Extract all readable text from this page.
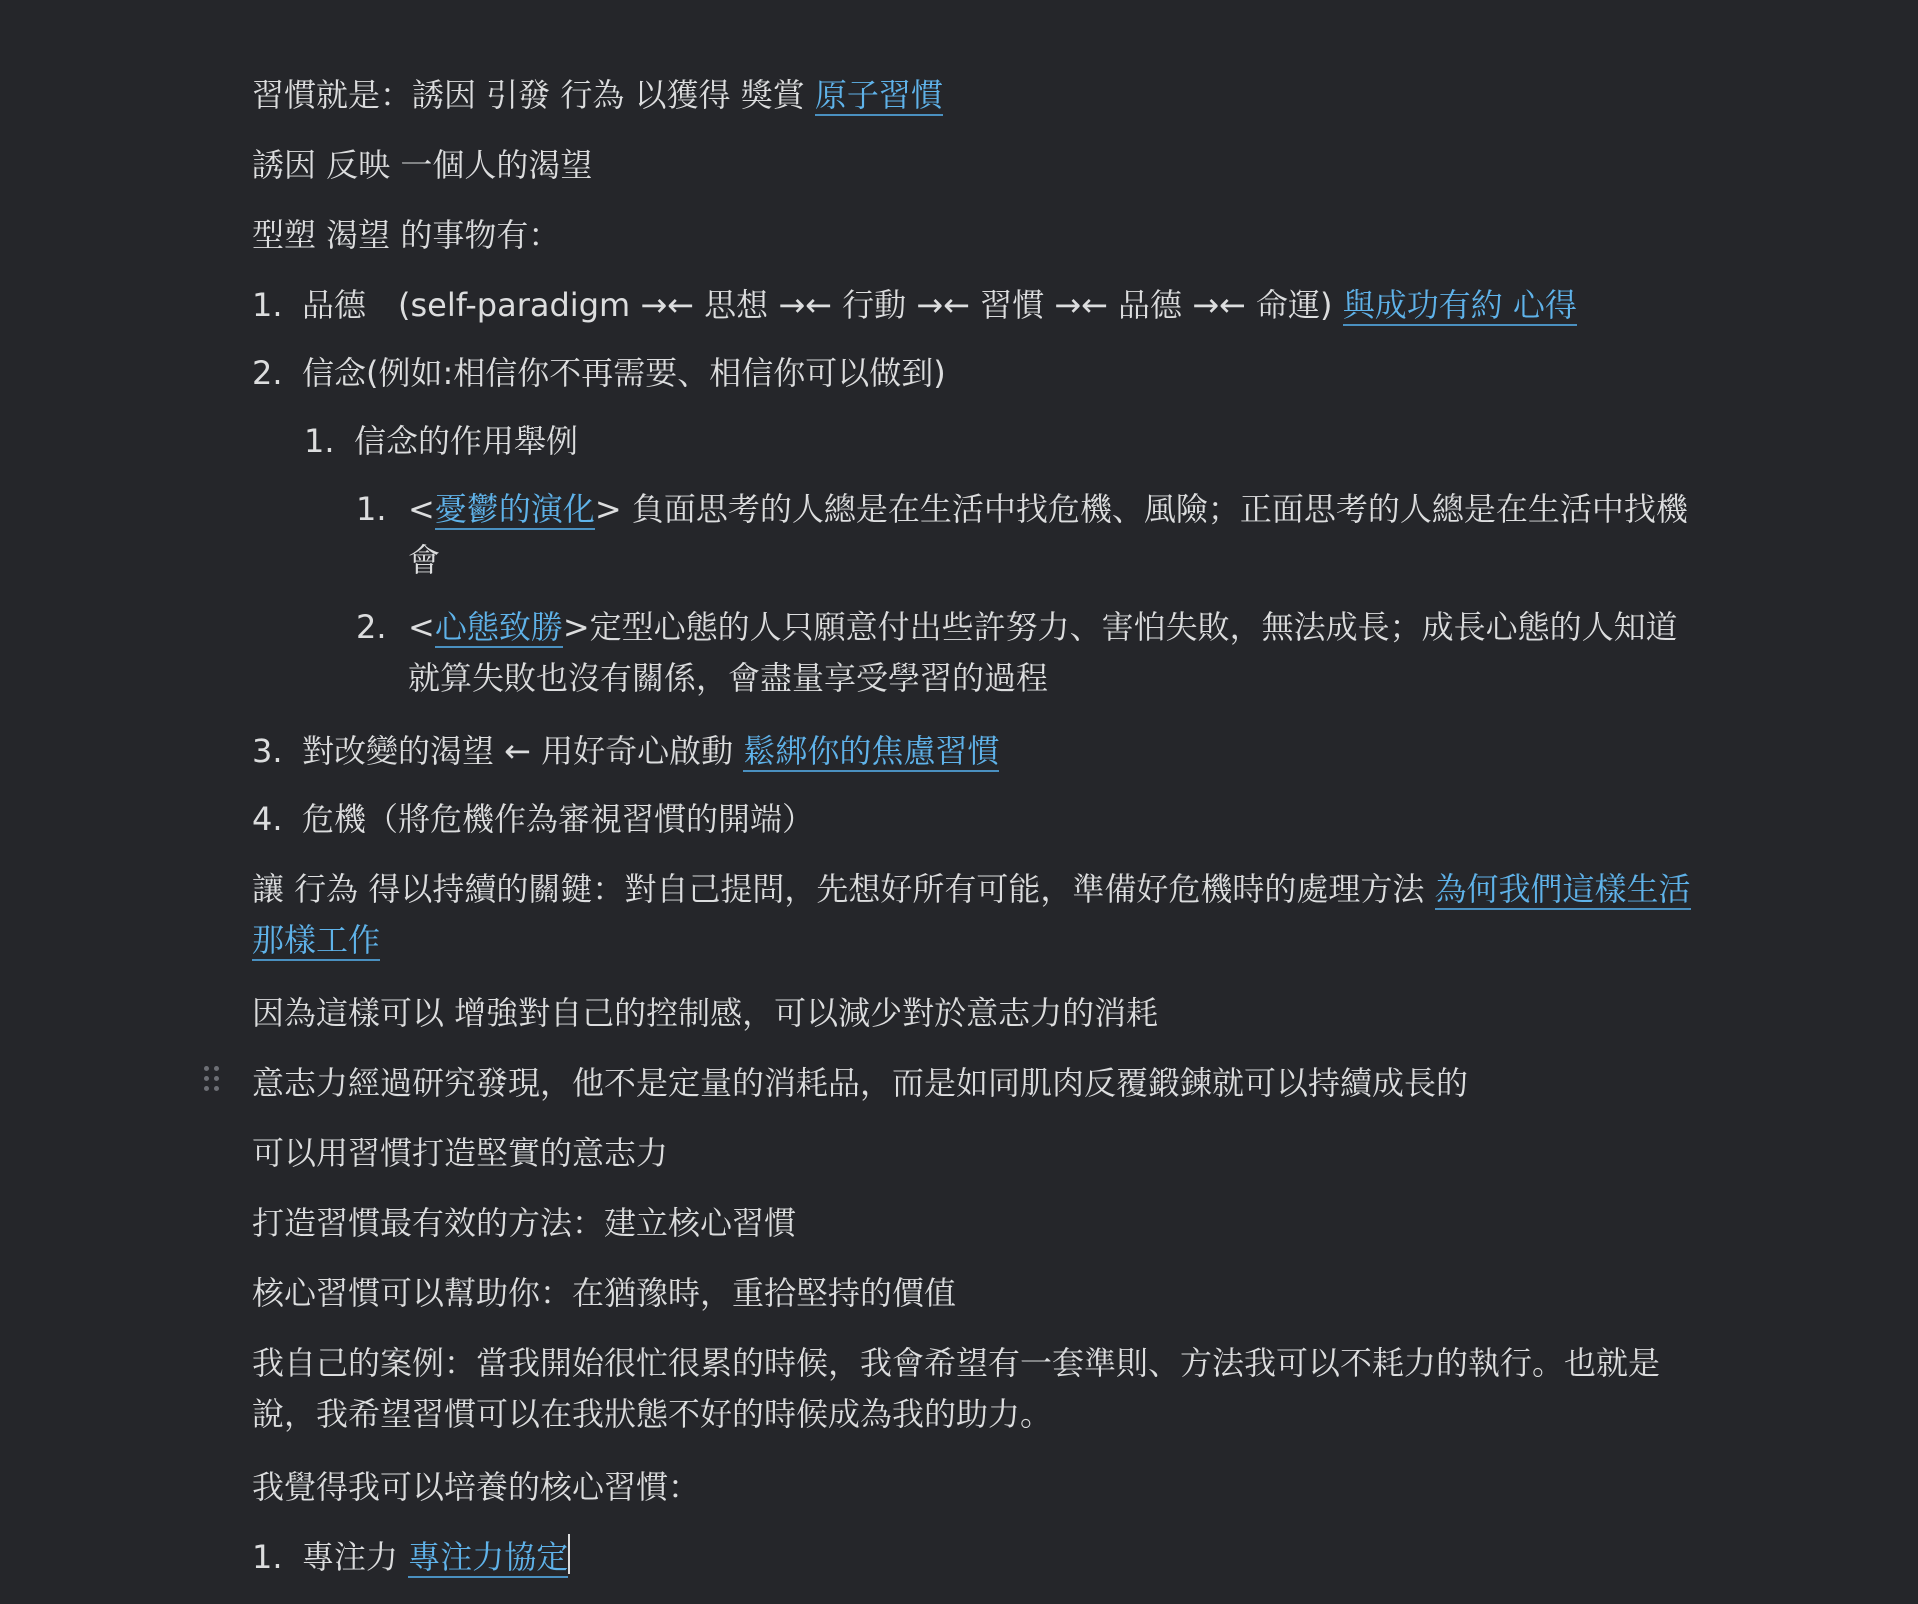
習慣就是：誘因 引發 行為 以獲得 獎賞 原子習慣
誘因 反映 一個人的渴望
型塑 渴望 的事物有：
1. 品德　(self-paradigm →← 思想 →← 行動 →← 習慣 →← 品德 →← 命運) 與成功有約 心得
2. 信念(例如:相信你不再需要、相信你可以做到)
1. 信念的作用舉例
1. <憂鬱的演化> 負面思考的人總是在生活中找危機、風險；正面思考的人總是在生活中找機會
2. <心態致勝>定型心態的人只願意付出些許努力、害怕失敗，無法成長；成長心態的人知道就算失敗也沒有關係，會盡量享受學習的過程
3. 對改變的渴望 ← 用好奇心啟動 鬆綁你的焦慮習慣
4. 危機（將危機作為審視習慣的開端）
讓 行為 得以持續的關鍵：對自己提問，先想好所有可能，準備好危機時的處理方法 為何我們這樣生活那樣工作
因為這樣可以 增強對自己的控制感，可以減少對於意志力的消耗
意志力經過研究發現，他不是定量的消耗品，而是如同肌肉反覆鍛鍊就可以持續成長的
可以用習慣打造堅實的意志力
打造習慣最有效的方法：建立核心習慣
核心習慣可以幫助你：在猶豫時，重拾堅持的價值
我自己的案例：當我開始很忙很累的時候，我會希望有一套準則、方法我可以不耗力的執行。也就是說，我希望習慣可以在我狀態不好的時候成為我的助力。
我覺得我可以培養的核心習慣：
1. 專注力 專注力協定
